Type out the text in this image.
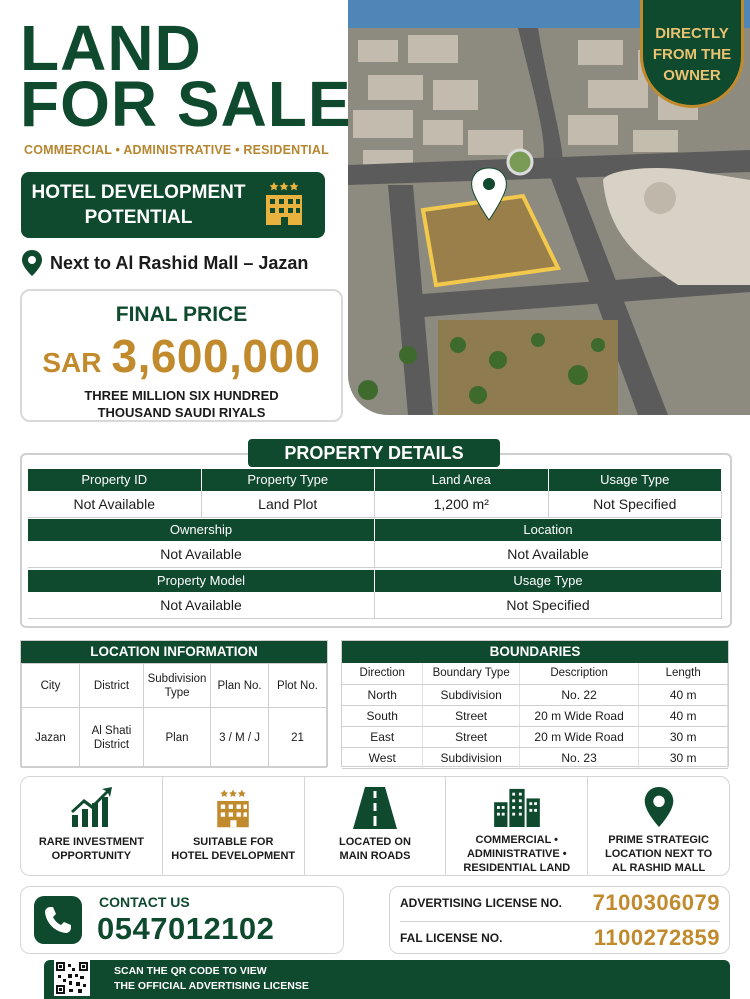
DIRECTLY
FROM THE
OWNER
LAND
FOR SALE
COMMERCIAL • ADMINISTRATIVE • RESIDENTIAL
HOTEL DEVELOPMENT
POTENTIAL
Next to Al Rashid Mall – Jazan
FINAL PRICE
SAR 3,600,000
THREE MILLION SIX HUNDRED
THOUSAND SAUDI RIYALS
PROPERTY DETAILS
Property ID	Property Type	Land Area	Usage Type
Not Available	Land Plot	1,200 m²	Not Specified
Ownership	Location
Not Available	Not Available
Property Model	Usage Type
Not Available	Not Specified
LOCATION INFORMATION
City	District	Subdivision Type	Plan No.	Plot No.
Jazan	Al Shati District	Plan	3 / M / J	21
BOUNDARIES
Direction	Boundary Type	Description	Length
North	Subdivision	No. 22	40 m
South	Street	20 m Wide Road	40 m
East	Street	20 m Wide Road	30 m
West	Subdivision	No. 23	30 m
RARE INVESTMENT
OPPORTUNITY
SUITABLE FOR
HOTEL DEVELOPMENT
LOCATED ON
MAIN ROADS
COMMERCIAL •
ADMINISTRATIVE •
RESIDENTIAL LAND
PRIME STRATEGIC
LOCATION NEXT TO
AL RASHID MALL
CONTACT US
0547012102
ADVERTISING LICENSE NO. 7100306079
FAL LICENSE NO.	1100272859
SCAN THE QR CODE TO VIEW
THE OFFICIAL ADVERTISING LICENSE
